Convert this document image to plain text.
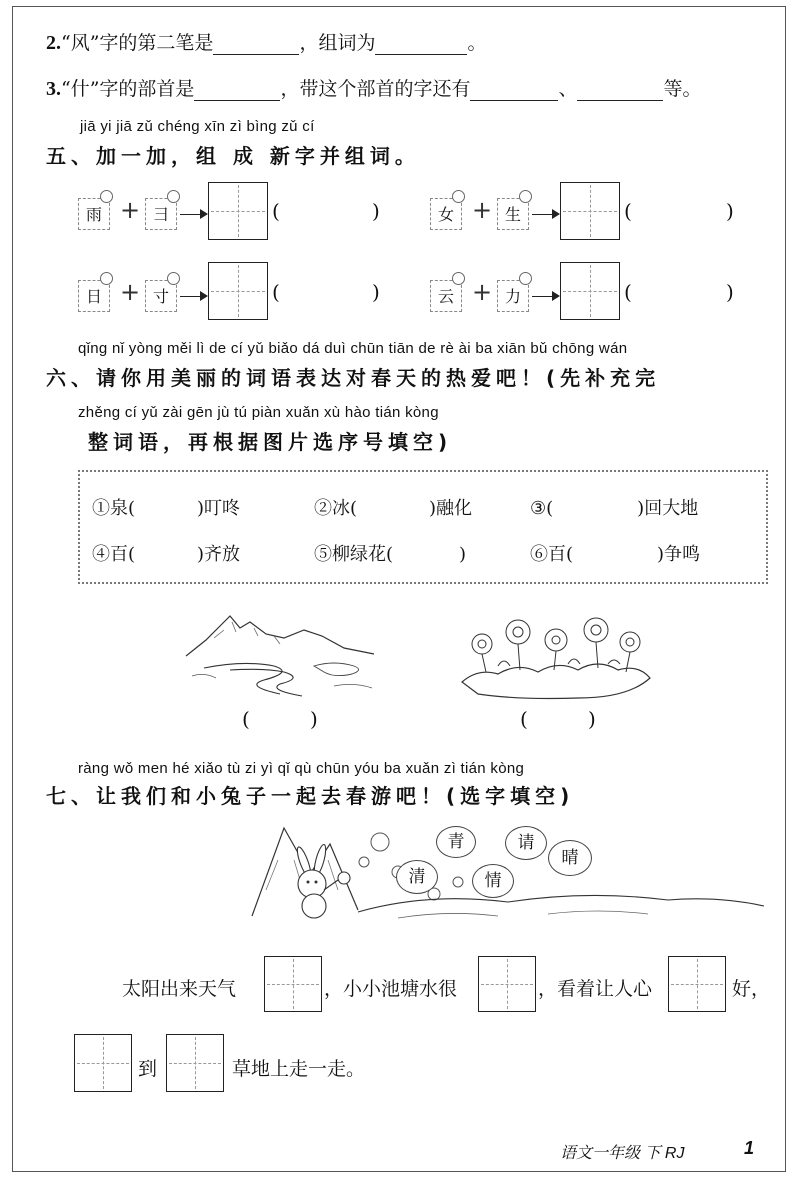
2.“风”字的第二笔是	，组词为	。
3.“什”字的部首是	，带这个部首的字还有	、	等。
jiā yi jiā zǔ chéng xīn zì bìng zǔ cí
五、加一加，组 成 新字并组词。
雨 + 彐	(	)	女 + 生	(	)
日 + 寸	(	)	云 + 力	(	)
qǐng nǐ yòng měi lì de cí yǔ biǎo dá duì chūn tiān de rè ài ba xiān bǔ chōng wán
六、请你用美丽的词语表达对春天的热爱吧！(先补充完
zhěng cí yǔ zài gēn jù tú piàn xuǎn xù hào tián kòng
整词语，再根据图片选序号填空)
①泉(	)叮咚	②冰(	)融化	③(	)回大地
④百(	)齐放	⑤柳绿花(	)	⑥百(	)争鸣
(	)	(	)
ràng wǒ men hé xiǎo tù zi yì qǐ qù chūn yóu ba xuǎn zì tián kòng
七、让我们和小兔子一起去春游吧！(选字填空)
青	请
晴
清	情
太阳出来天气	，小小池塘水很	，看着让人心	好，
到	草地上走一走。
语文一年级 下 RJ	1
